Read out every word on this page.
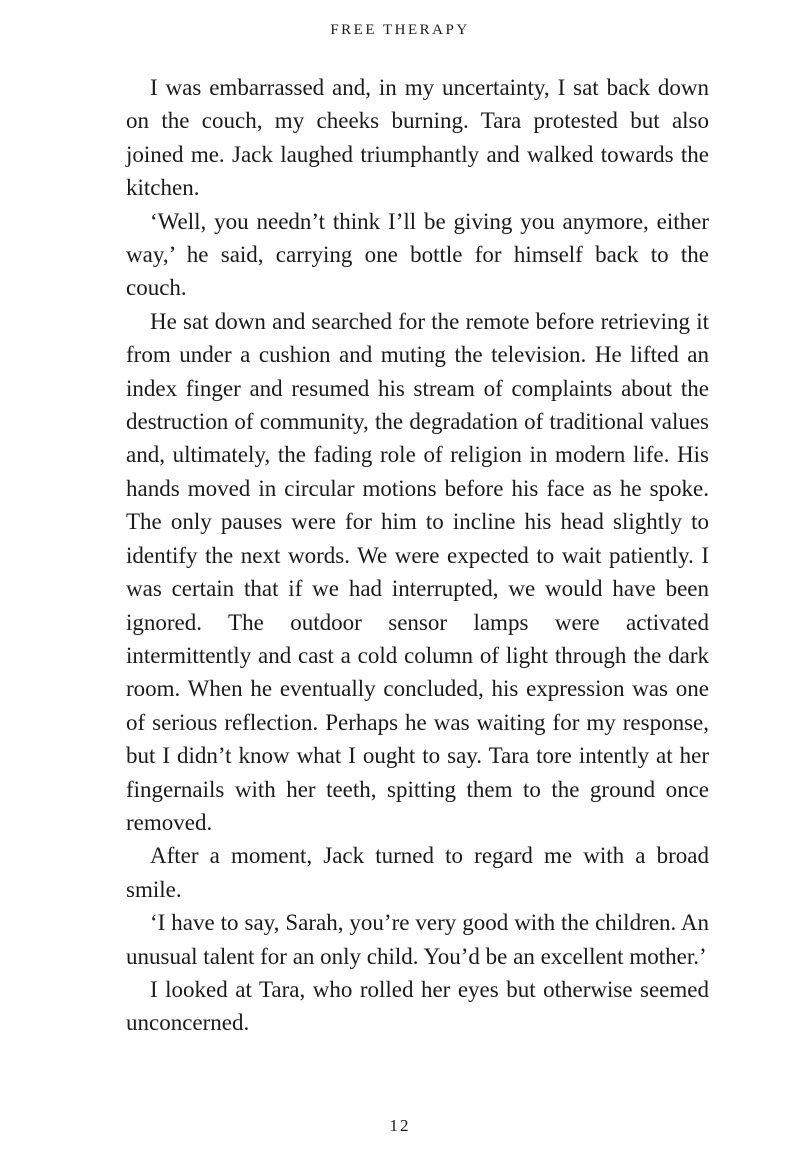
FREE THERAPY

I was embarrassed and, in my uncertainty, I sat back down on the couch, my cheeks burning. Tara protested but also joined me. Jack laughed triumphantly and walked towards the kitchen.

‘Well, you needn’t think I’ll be giving you anymore, either way,’ he said, carrying one bottle for himself back to the couch.

He sat down and searched for the remote before retrieving it from under a cushion and muting the television. He lifted an index finger and resumed his stream of complaints about the destruction of community, the degradation of traditional values and, ultimately, the fading role of religion in modern life. His hands moved in circular motions before his face as he spoke. The only pauses were for him to incline his head slightly to identify the next words. We were expected to wait patiently. I was certain that if we had interrupted, we would have been ignored. The outdoor sensor lamps were activated intermittently and cast a cold column of light through the dark room. When he eventually concluded, his expression was one of serious reflection. Perhaps he was waiting for my response, but I didn’t know what I ought to say. Tara tore intently at her fingernails with her teeth, spitting them to the ground once removed.

After a moment, Jack turned to regard me with a broad smile.

‘I have to say, Sarah, you’re very good with the children. An unusual talent for an only child. You’d be an excellent mother.’

I looked at Tara, who rolled her eyes but otherwise seemed unconcerned.

12
